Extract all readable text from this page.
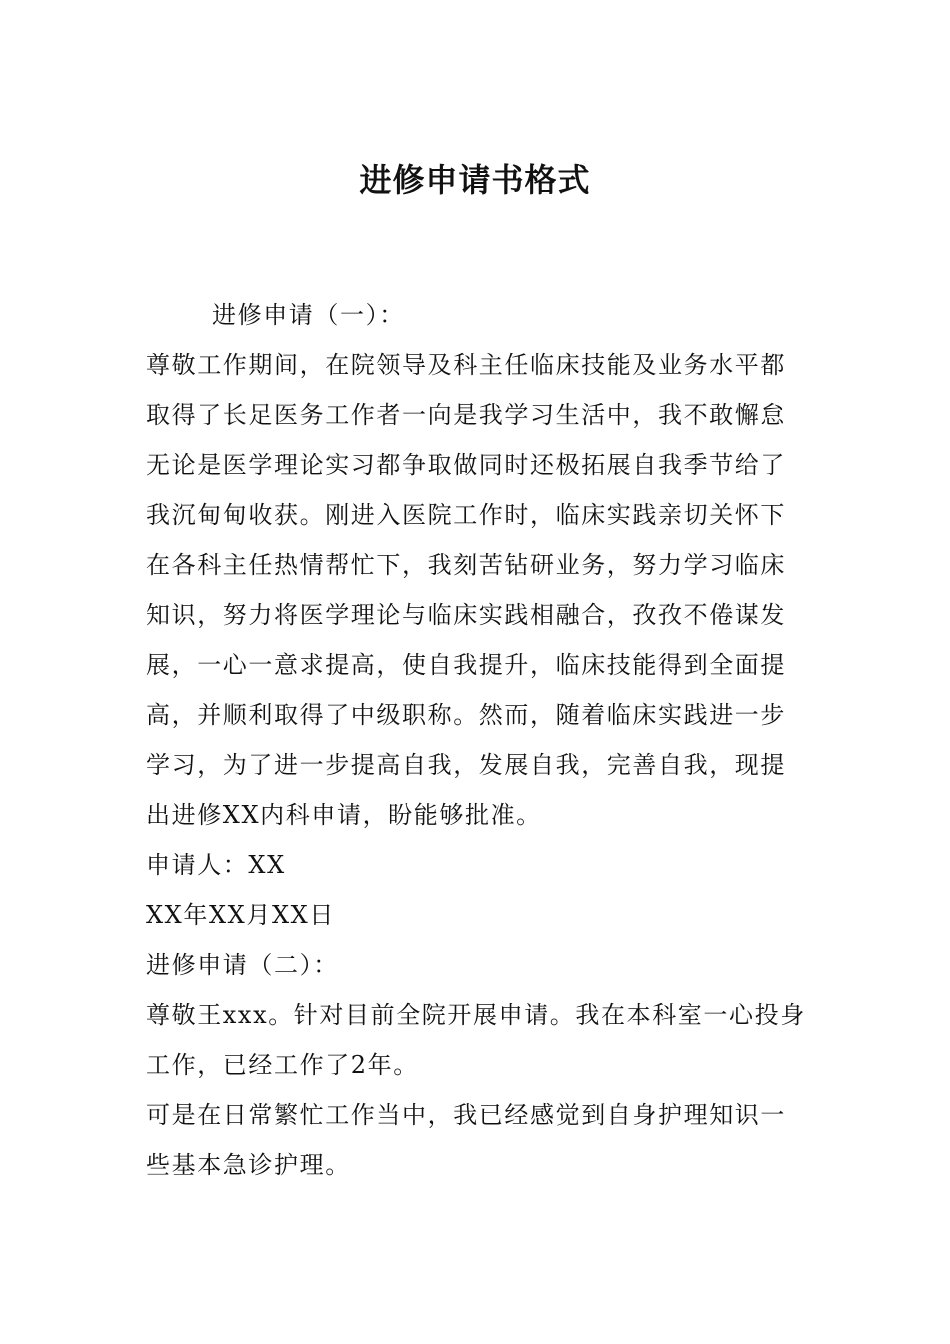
进修申请书格式
进修申请（一）：
尊敬工作期间，在院领导及科主任临床技能及业务水平都
取得了长足医务工作者一向是我学习生活中，我不敢懈怠
无论是医学理论实习都争取做同时还极拓展自我季节给了
我沉甸甸收获。刚进入医院工作时，临床实践亲切关怀下
在各科主任热情帮忙下，我刻苦钻研业务，努力学习临床
知识，努力将医学理论与临床实践相融合，孜孜不倦谋发
展，一心一意求提高，使自我提升，临床技能得到全面提
高，并顺利取得了中级职称。然而，随着临床实践进一步
学习，为了进一步提高自我，发展自我，完善自我，现提
出进修XX内科申请，盼能够批准。
申请人：XX
XX年XX月XX日
进修申请（二）：
尊敬王xxx。针对目前全院开展申请。我在本科室一心投身
工作，已经工作了2年。
可是在日常繁忙工作当中，我已经感觉到自身护理知识一
些基本急诊护理。
